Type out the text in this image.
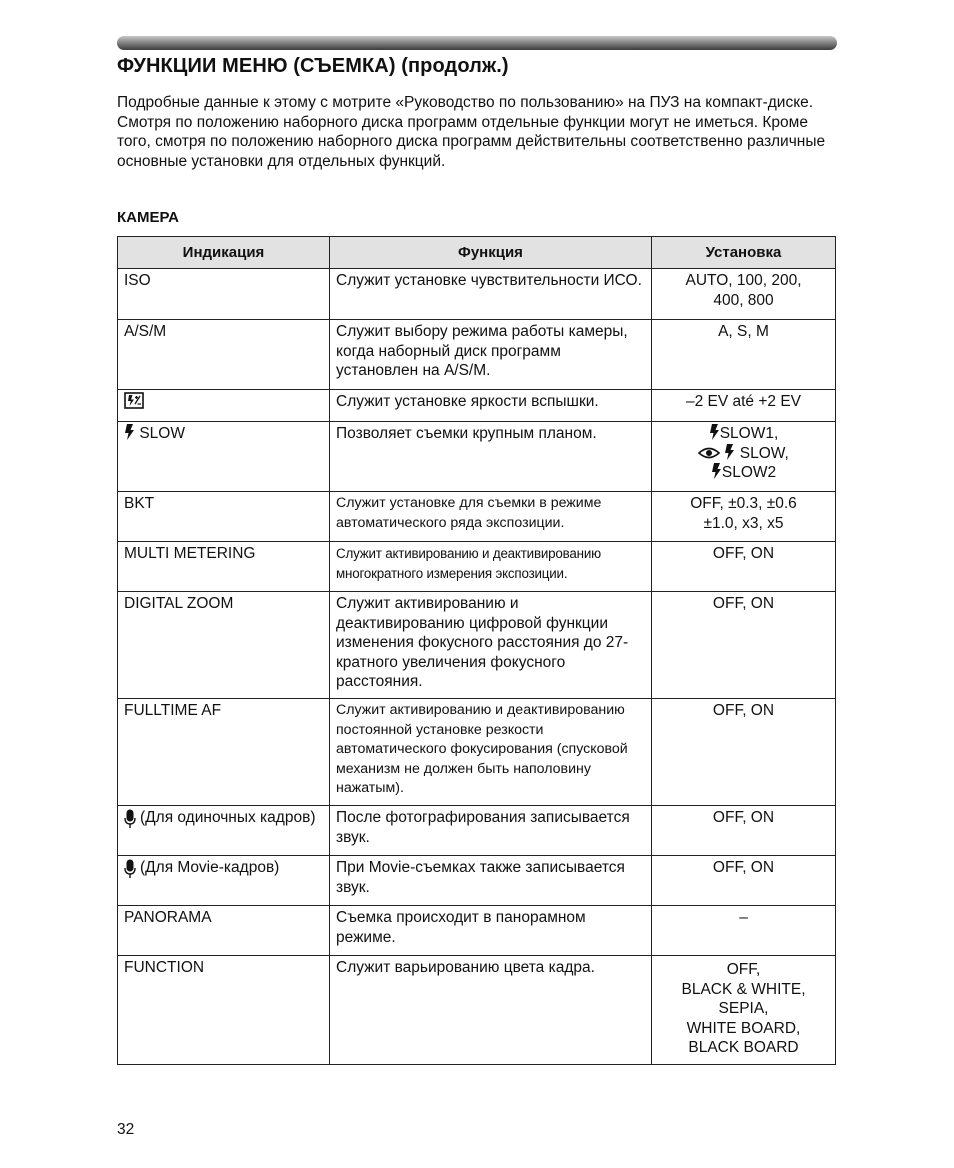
ФУНКЦИИ МЕНЮ (СЪЕМКА) (продолж.)

Подробные данные к этому с мотрите «Руководство по пользованию» на ПУЗ на компакт-диске.

Смотря по положению наборного диска программ отдельные функции могут не иметься. Кроме того, смотря по положению наборного диска программ действительны соответственно различные основные установки для отдельных функций.

КАМЕРА
Индикация	Функция	Установка
ISO	Служит установке чувствительности ИСО.	AUTO, 100, 200,
400, 800

A/S/M	Служит выбору режима работы камеры, когда наборный диск программ установлен на A/S/M.	A, S, M
	Служит установке яркости вспышки.	–2 EV até +2 EV
SLOW	Позволяет съемки крупным планом.	SLOW1,
SLOW,
SLOW2

BKT	Служит установке для съемки в режиме автоматического ряда экспозиции.	OFF, ±0.3, ±0.6
±1.0, x3, x5

MULTI METERING	Служит активированию и деактивированию многократного измерения экспозиции.	OFF, ON
DIGITAL ZOOM	Служит активированию и деактивированию цифровой функции изменения фокусного расстояния до 27-кратного увеличения фокусного расстояния.	OFF, ON
FULLTIME AF	Служит активированию и деактивированию постоянной установке резкости автоматического фокусирования (спусковой механизм не должен быть наполовину нажатым).	OFF, ON

(Для одиночных кадров)	После фотографирования записывается звук.	OFF, ON

(Для Movie-кадров)	При Movie-съемках также записывается звук.	OFF, ON
PANORAMA	Съемка происходит в панорамном режиме.	–
FUNCTION	Служит варьированию цвета кадра.	OFF,
BLACK & WHITE,
SEPIA,
WHITE BOARD,
BLACK BOARD
32
